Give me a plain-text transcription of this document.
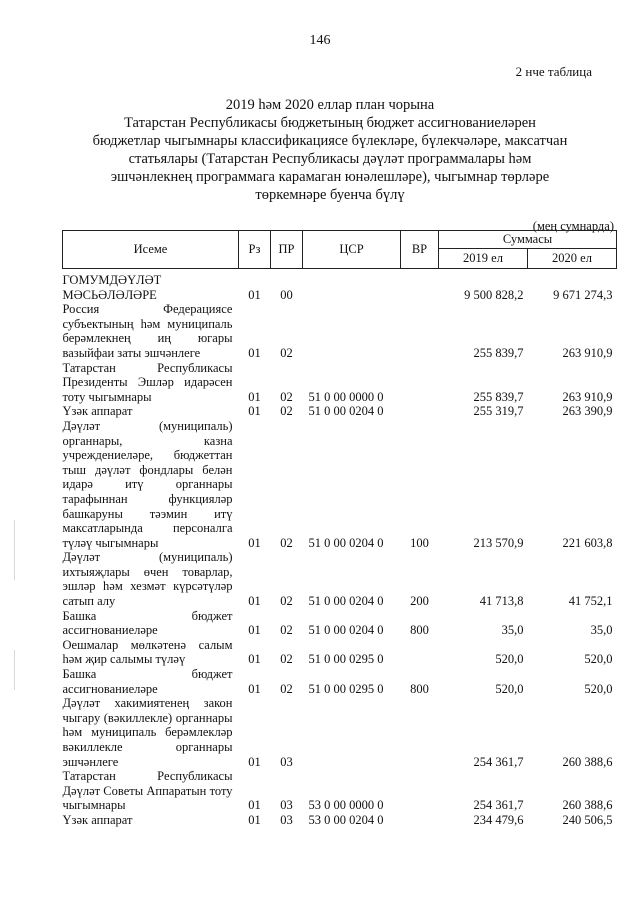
146
2 нче таблица
2019 һәм 2020 еллар план чорына
Татарстан Республикасы бюджетының бюджет ассигнованиеләрен
бюджетлар чыгымнары классификациясе бүлекләре, бүлекчәләре, максатчан
статьялары (Татарстан Республикасы дәүләт программалары һәм
эшчәнлекнең программага карамаган юнәлешләре), чыгымнар төрләре
төркемнәре буенча бүлү
(мең сумнарда)
Исеме	Рз	ПР	ЦСР	ВР	Суммасы	
					2019 ел	2020 ел
ГОМУМДӘҮЛӘТ МӘСЬӘЛӘЛӘРЕ	01	00			9 500 828,2	9 671 274,3
Россия Федерациясе субъектының һәм муниципаль берәмлекнең иң югары вазыйфаи заты эшчәнлеге	01	02			255 839,7	263 910,9
Татарстан Республикасы Президенты Эшләр идарәсен тоту чыгымнары	01	02	51 0 00 0000 0		255 839,7	263 910,9
Үзәк аппарат	01	02	51 0 00 0204 0		255 319,7	263 390,9
Дәүләт (муниципаль) органнары, казна учреждениеләре, бюджеттан тыш дәүләт фондлары белән идарә итү органнары тарафыннан функцияләр башкаруны тәэмин итү максатларында персоналга түләү чыгымнары	01	02	51 0 00 0204 0	100	213 570,9	221 603,8
Дәүләт (муниципаль) ихтыяҗлары өчен товарлар, эшләр һәм хезмәт күрсәтүләр сатып алу	01	02	51 0 00 0204 0	200	41 713,8	41 752,1
Башка бюджет ассигнованиеләре	01	02	51 0 00 0204 0	800	35,0	35,0
Оешмалар мөлкәтенә салым һәм җир салымы түләү	01	02	51 0 00 0295 0		520,0	520,0
Башка бюджет ассигнованиеләре	01	02	51 0 00 0295 0	800	520,0	520,0
Дәүләт хакимиятенең закон чыгару (вәкиллекле) органнары һәм муниципаль берәмлекләр вәкиллекле органнары эшчәнлеге	01	03			254 361,7	260 388,6
Татарстан Республикасы Дәүләт Советы Аппаратын тоту чыгымнары	01	03	53 0 00 0000 0		254 361,7	260 388,6
Үзәк аппарат	01	03	53 0 00 0204 0		234 479,6	240 506,5
